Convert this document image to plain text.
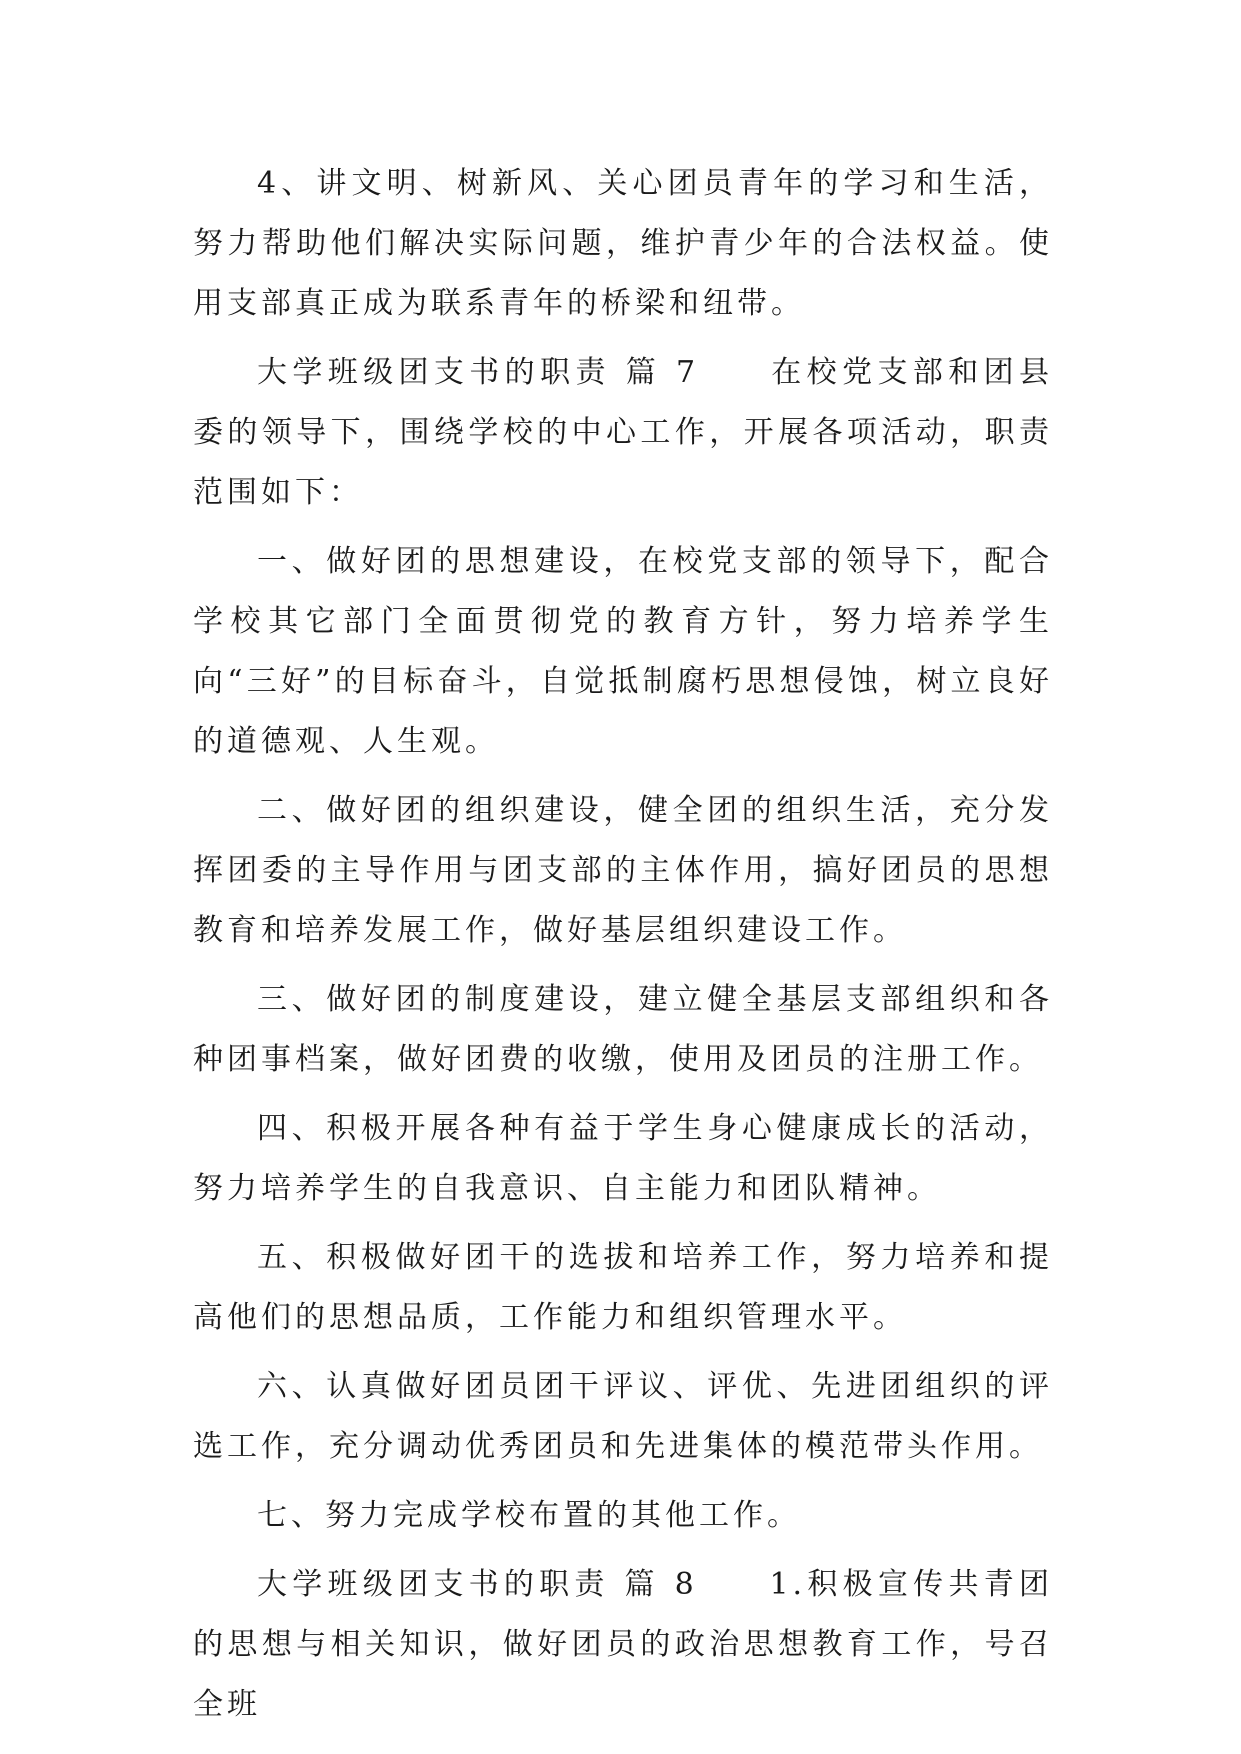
4、讲文明、树新风、关心团员青年的学习和生活，努力帮助他们解决实际问题，维护青少年的合法权益。使用支部真正成为联系青年的桥梁和纽带。

大学班级团支书的职责 篇 7　　在校党支部和团县委的领导下，围绕学校的中心工作，开展各项活动，职责范围如下：

一、做好团的思想建设，在校党支部的领导下，配合学校其它部门全面贯彻党的教育方针，努力培养学生向“三好”的目标奋斗，自觉抵制腐朽思想侵蚀，树立良好的道德观、人生观。

二、做好团的组织建设，健全团的组织生活，充分发挥团委的主导作用与团支部的主体作用，搞好团员的思想教育和培养发展工作，做好基层组织建设工作。

三、做好团的制度建设，建立健全基层支部组织和各种团事档案，做好团费的收缴，使用及团员的注册工作。

四、积极开展各种有益于学生身心健康成长的活动，努力培养学生的自我意识、自主能力和团队精神。

五、积极做好团干的选拔和培养工作，努力培养和提高他们的思想品质，工作能力和组织管理水平。

六、认真做好团员团干评议、评优、先进团组织的评选工作，充分调动优秀团员和先进集体的模范带头作用。

七、努力完成学校布置的其他工作。

大学班级团支书的职责 篇 8　　1.积极宣传共青团的思想与相关知识，做好团员的政治思想教育工作，号召全班
